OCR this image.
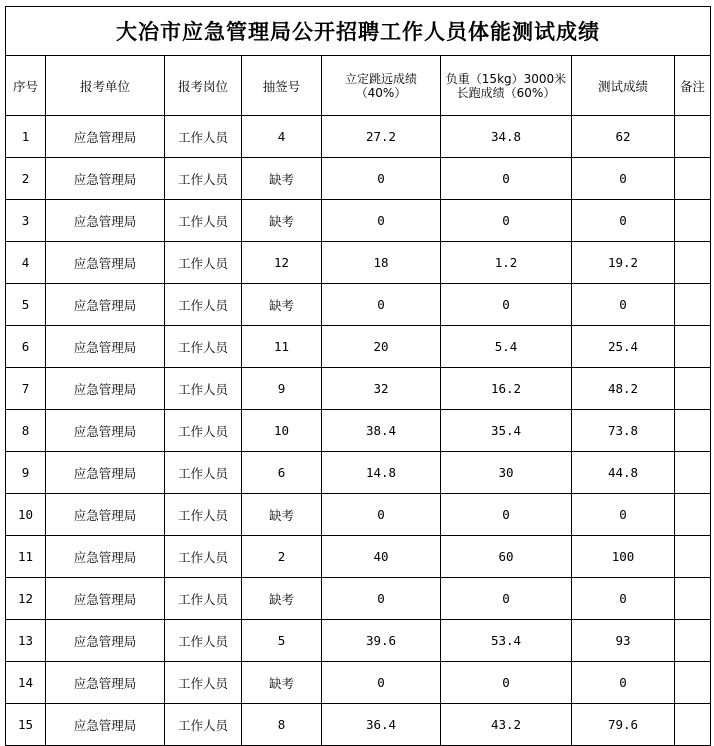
大冶市应急管理局公开招聘工作人员体能测试成绩							
序号	报考单位	报考岗位	抽签号	立定跳远成绩（40%）	负重（15kg）3000米长跑成绩（60%）	测试成绩	备注
1	应急管理局	工作人员	4	27.2	34.8	62	
2	应急管理局	工作人员	缺考	0	0	0	
3	应急管理局	工作人员	缺考	0	0	0	
4	应急管理局	工作人员	12	18	1.2	19.2	
5	应急管理局	工作人员	缺考	0	0	0	
6	应急管理局	工作人员	11	20	5.4	25.4	
7	应急管理局	工作人员	9	32	16.2	48.2	
8	应急管理局	工作人员	10	38.4	35.4	73.8	
9	应急管理局	工作人员	6	14.8	30	44.8	
10	应急管理局	工作人员	缺考	0	0	0	
11	应急管理局	工作人员	2	40	60	100	
12	应急管理局	工作人员	缺考	0	0	0	
13	应急管理局	工作人员	5	39.6	53.4	93	
14	应急管理局	工作人员	缺考	0	0	0	
15	应急管理局	工作人员	8	36.4	43.2	79.6	
